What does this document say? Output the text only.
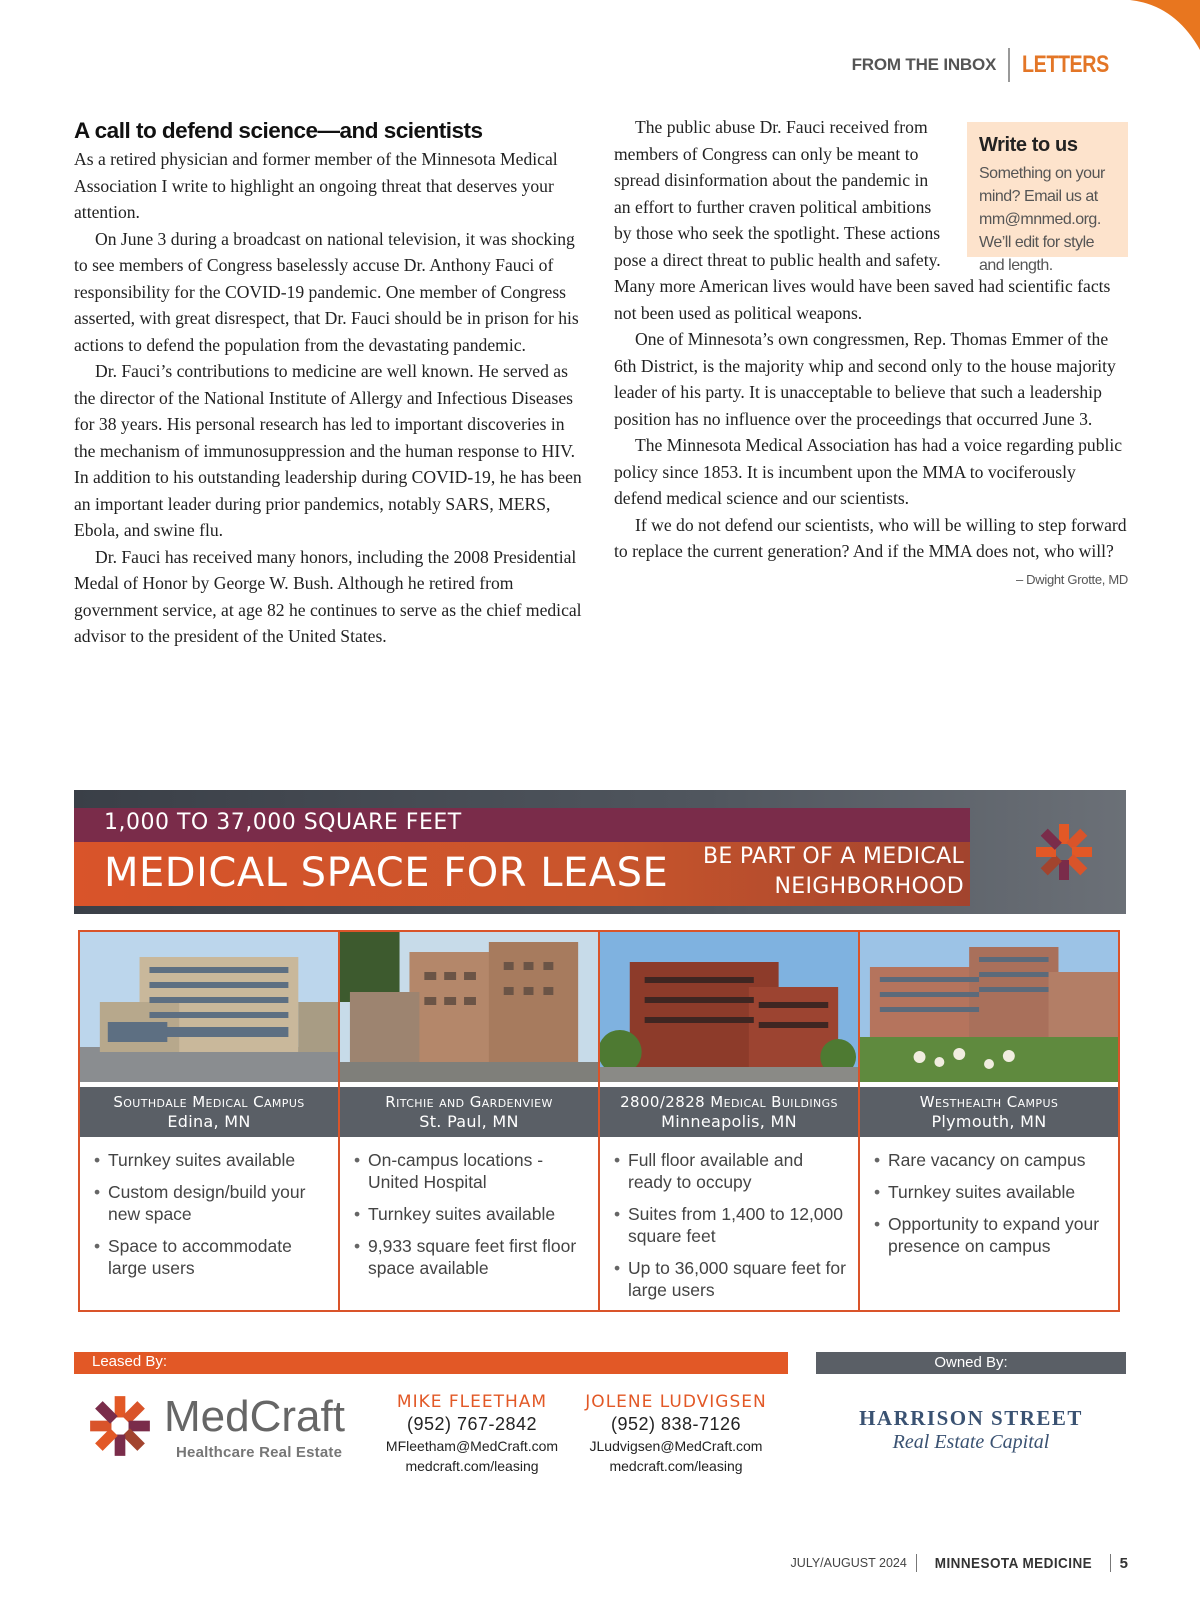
FROM THE INBOX LETTERS
A call to defend science—and scientists

As a retired physician and former member of the Minnesota Medical Association I write to highlight an ongoing threat that deserves your attention.

On June 3 during a broadcast on national television, it was shocking to see members of Congress baselessly accuse Dr. Anthony Fauci of responsibility for the COVID-19 pandemic. One member of Congress asserted, with great disrespect, that Dr. Fauci should be in prison for his actions to defend the population from the devastating pandemic.

Dr. Fauci’s contributions to medicine are well known. He served as the director of the National Institute of Allergy and Infectious Diseases for 38 years. His personal research has led to important discoveries in the mechanism of immunosuppression and the human response to HIV. In addition to his outstanding leadership during COVID-19, he has been an important leader during prior pandemics, notably SARS, MERS, Ebola, and swine flu.

Dr. Fauci has received many honors, including the 2008 Presidential Medal of Honor by George W. Bush. Although he retired from government service, at age 82 he continues to serve as the chief medical advisor to the president of the United States.

Write to us
Something on your mind? Email us at mm@mnmed.org. We’ll edit for style and length.

The public abuse Dr. Fauci received from members of Congress can only be meant to spread disinformation about the pandemic in an effort to further craven political ambitions by those who seek the spotlight. These actions pose a direct threat to public health and safety. Many more American lives would have been saved had scientific facts not been used as political weapons.

One of Minnesota’s own congressmen, Rep. Thomas Emmer of the 6th District, is the majority whip and second only to the house majority leader of his party. It is unacceptable to believe that such a leadership position has no influence over the proceedings that occurred June 3.

The Minnesota Medical Association has had a voice regarding public policy since 1853. It is incumbent upon the MMA to vociferously defend medical science and our scientists.

If we do not defend our scientists, who will be willing to step forward to replace the current generation? And if the MMA does not, who will?

– Dwight Grotte, MD
1,000 TO 37,000 SQUARE FEET
MEDICAL SPACE FOR LEASE BE PART OF A MEDICAL
NEIGHBORHOOD
Southdale Medical Campus
Edina, MN
• Turnkey suites available
• Custom design/build your new space
• Space to accommodate large users
Ritchie and Gardenview
St. Paul, MN
• On-campus locations - United Hospital
• Turnkey suites available
• 9,933 square feet first floor space available
2800/2828 Medical Buildings
Minneapolis, MN
• Full floor available and ready to occupy
• Suites from 1,400 to 12,000 square feet
• Up to 36,000 square feet for large users
Westhealth Campus
Plymouth, MN
• Rare vacancy on campus
• Turnkey suites available
• Opportunity to expand your presence on campus
Leased By:	Owned By:
MedCraft
Healthcare Real Estate
MIKE FLEETHAM
(952) 767-2842
MFleetham@MedCraft.com
medcraft.com/leasing
JOLENE LUDVIGSEN
(952) 838-7126
JLudvigsen@MedCraft.com
medcraft.com/leasing
HARRISON STREET
Real Estate Capital
JULY/AUGUST 2024 MINNESOTA MEDICINE 5
